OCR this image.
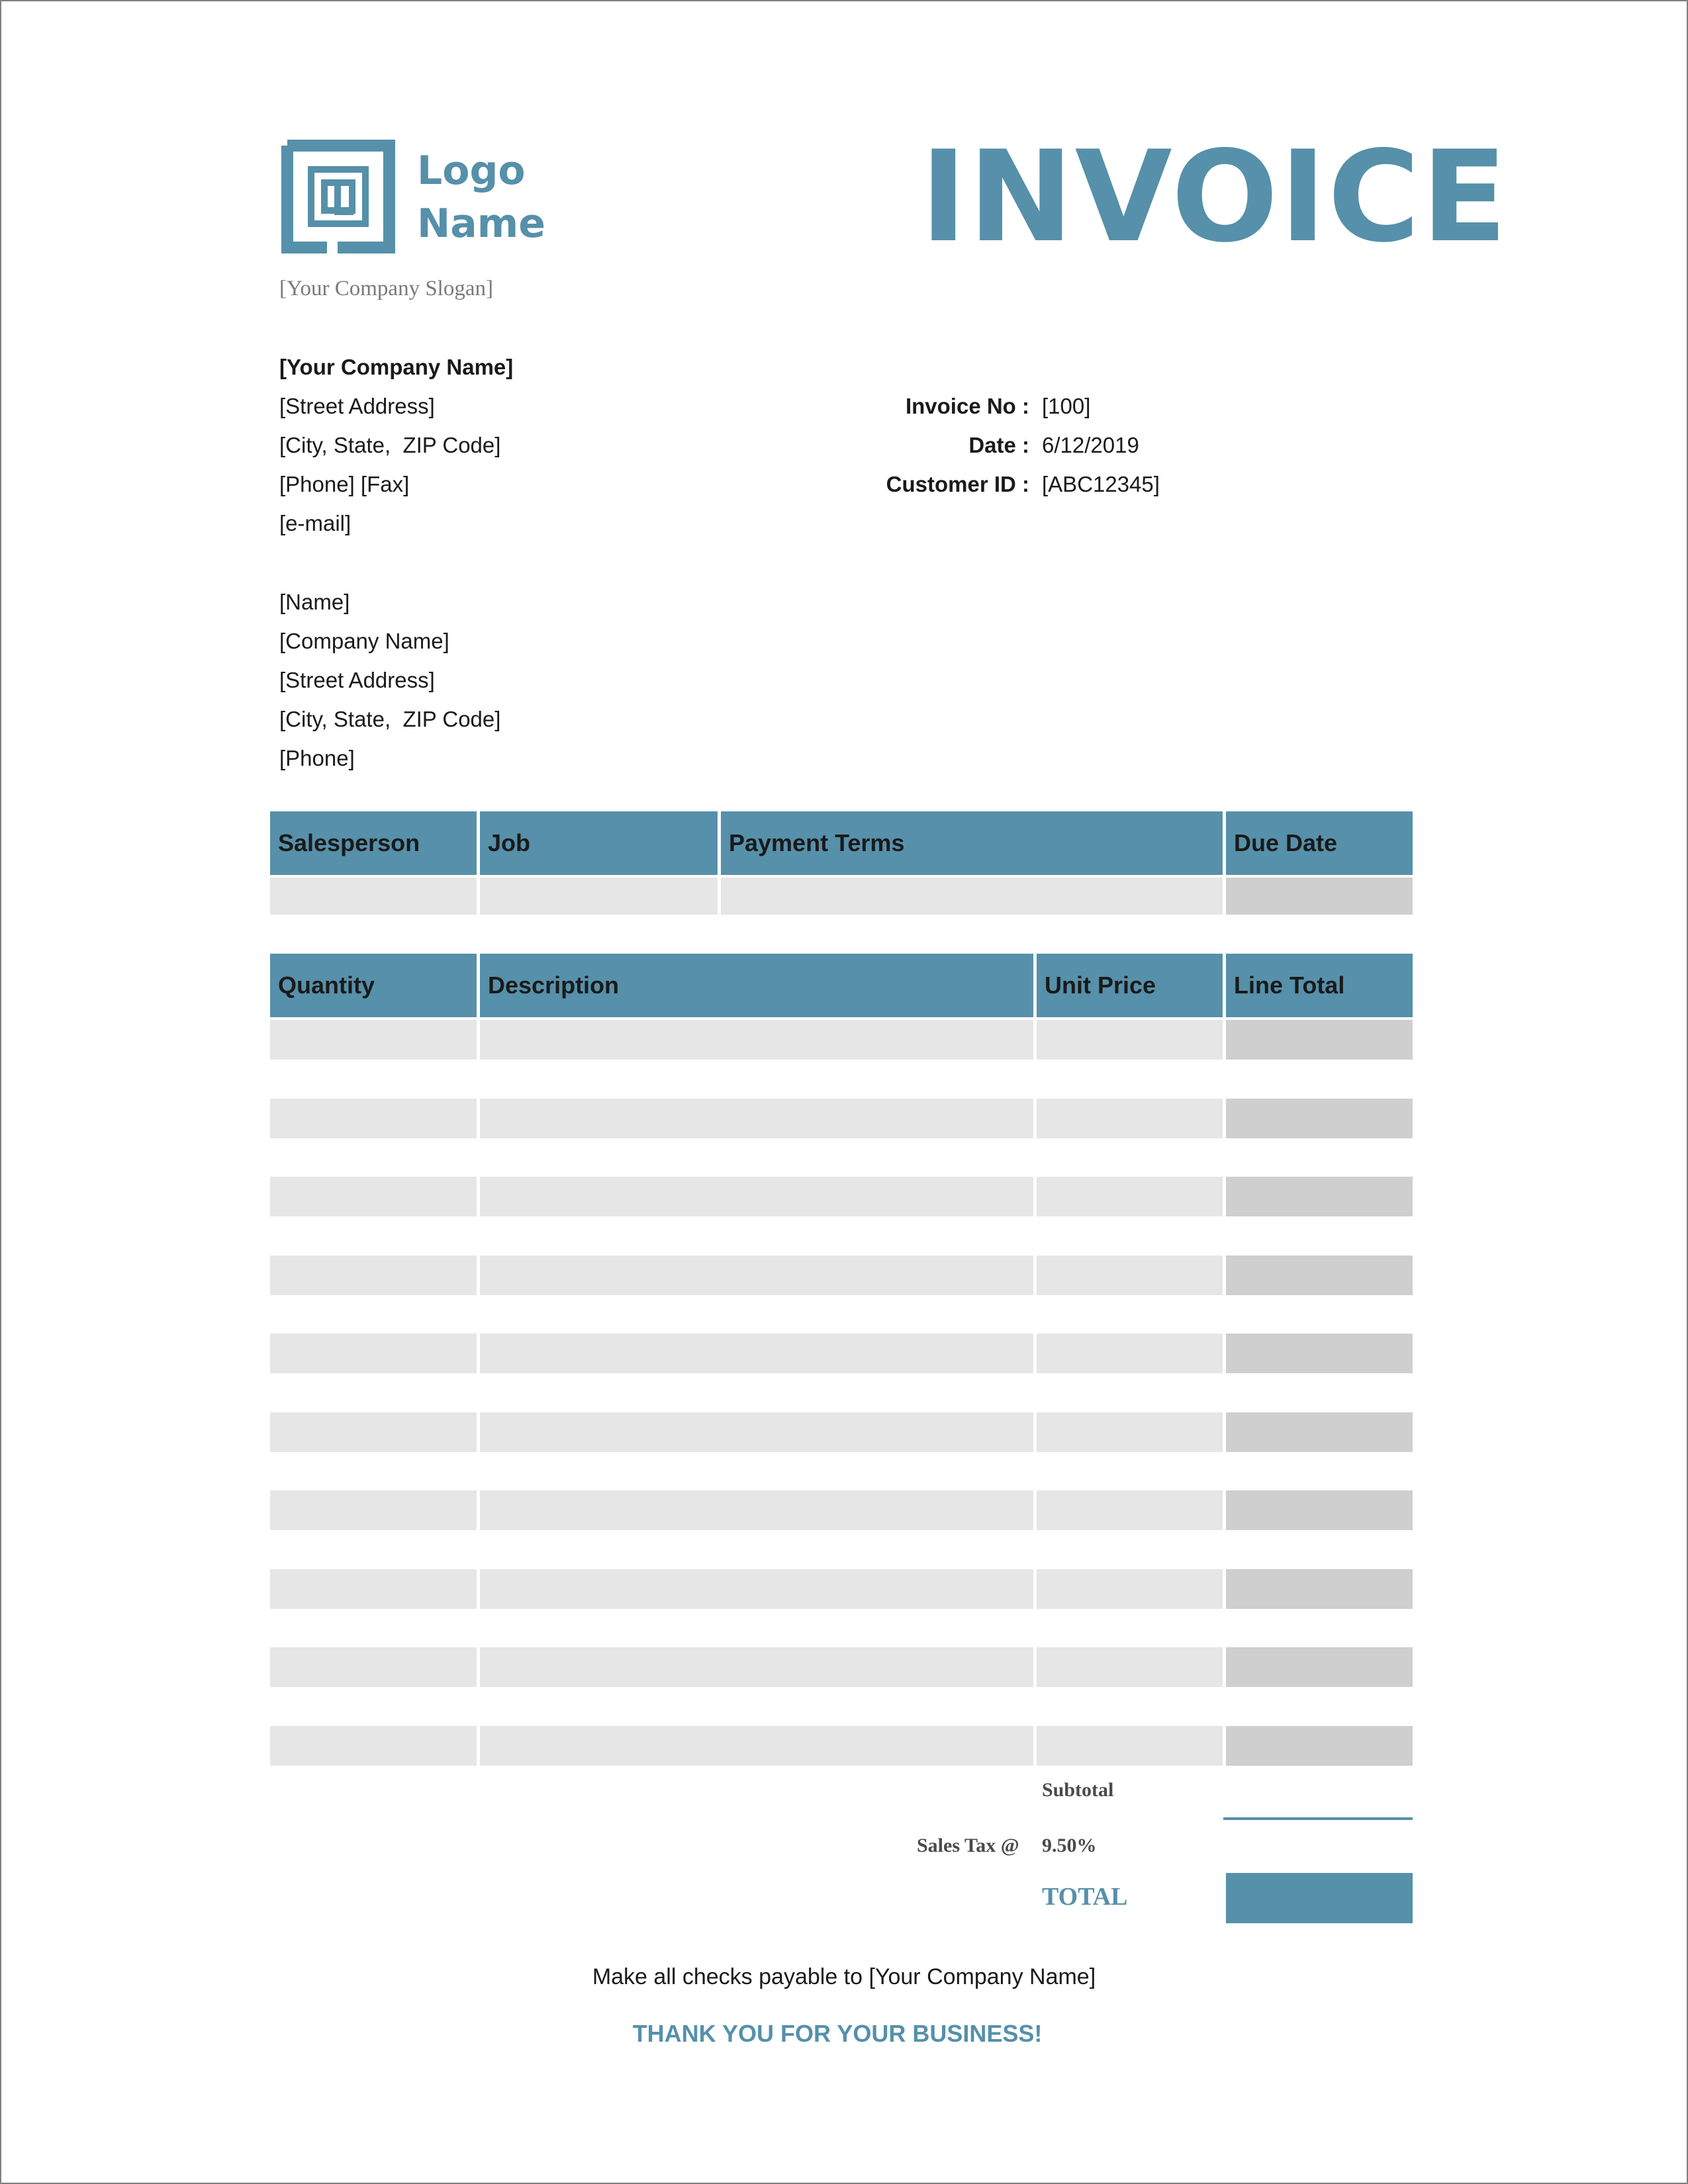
Logo
Name
[Your Company Slogan]
INVOICE
[Your Company Name]
[Street Address]
[City, State,  ZIP Code]
[Phone] [Fax]
[e-mail]
Invoice No : [100]
Date : 6/12/2019
Customer ID : [ABC12345]
[Name]
[Company Name]
[Street Address]
[City, State,  ZIP Code]
[Phone]
Salesperson	Job	Payment Terms	Due Date
Quantity	Description	Unit Price	Line Total
Subtotal
Sales Tax @ 9.50%
TOTAL
Make all checks payable to [Your Company Name]
THANK YOU FOR YOUR BUSINESS!
